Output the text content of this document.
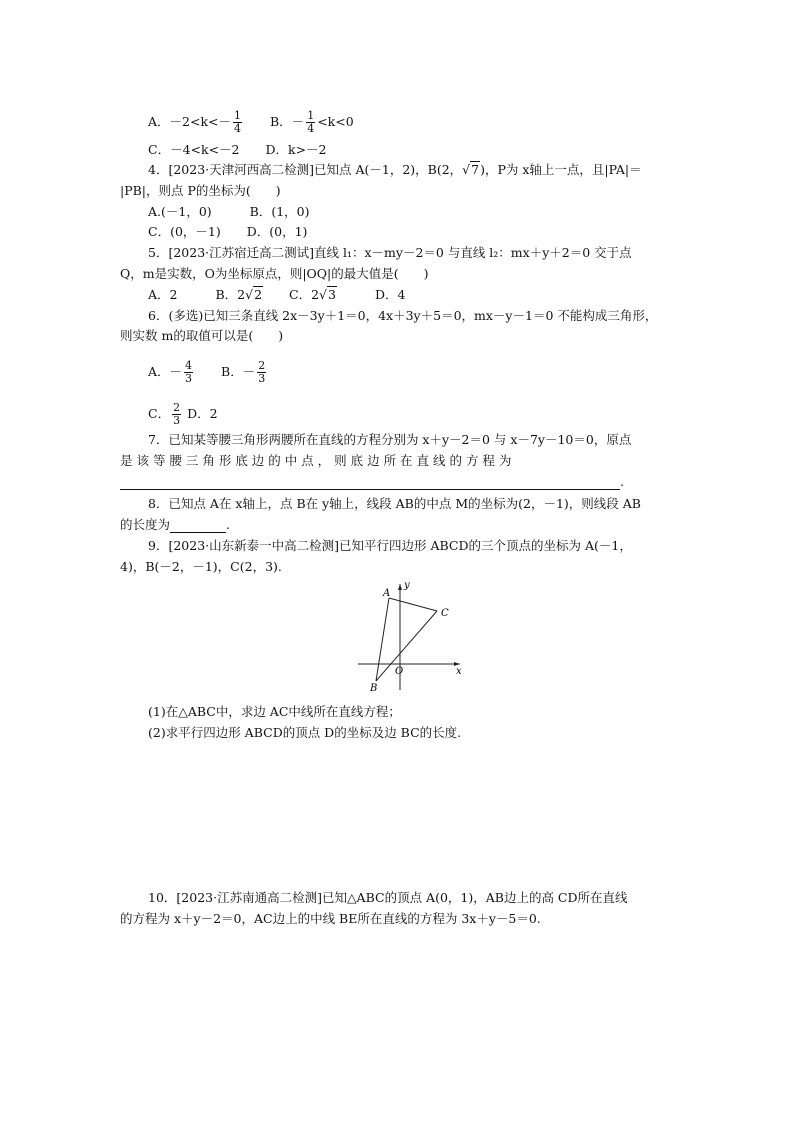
A．$-2<k<- \frac{1}{4}$ B．－ $\frac{1}{4} <k<0$
C．－4<k<－2 D．k>－2
4．[2023·天津河西高二检测]已知点 A(－1，2)，B(2，√7)，P为 x轴上一点，且|PA|＝
|PB|，则点 P的坐标为(　　)
A.(－1，0)	B．(1，0)
C．(0，－1) D．(0，1)
5．[2023·江苏宿迁高二测试]直线 l₁：x－my－2＝0 与直线 l₂：mx＋y＋2＝0 交于点
Q，m是实数，O为坐标原点，则|OQ|的最大值是(　　)
A．2	B．2√2 C．2√3	D．4
6．(多选)已知三条直线 2x－3y＋1＝0，4x＋3y＋5＝0，mx－y－1＝0 不能构成三角形，
则实数 m的取值可以是(　　)
A．－ $\frac{4}{3}$ B．－ $\frac{2}{3}$
C． $\frac{2}{3}$ D．2
7．已知某等腰三角形两腰所在直线的方程分别为 x＋y－2＝0 与 x－7y－10＝0，原点
是 该 等 腰 三 角 形 底 边 的 中 点 ， 则 底 边 所 在 直 线 的 方 程 为
.
8．已知点 A在 x轴上，点 B在 y轴上，线段 AB的中点 M的坐标为(2，－1)，则线段 AB
的长度为	.
9．[2023·山东新泰一中高二检测]已知平行四边形 ABCD的三个顶点的坐标为 A(－1，
4)，B(－2，－1)，C(2，3).
A
B
C
O	x
y
(1)在△ABC中，求边 AC中线所在直线方程；
(2)求平行四边形 ABCD的顶点 D的坐标及边 BC的长度.
10．[2023·江苏南通高二检测]已知△ABC的顶点 A(0，1)，AB边上的高 CD所在直线
的方程为 x＋y－2＝0，AC边上的中线 BE所在直线的方程为 3x＋y－5＝0.
